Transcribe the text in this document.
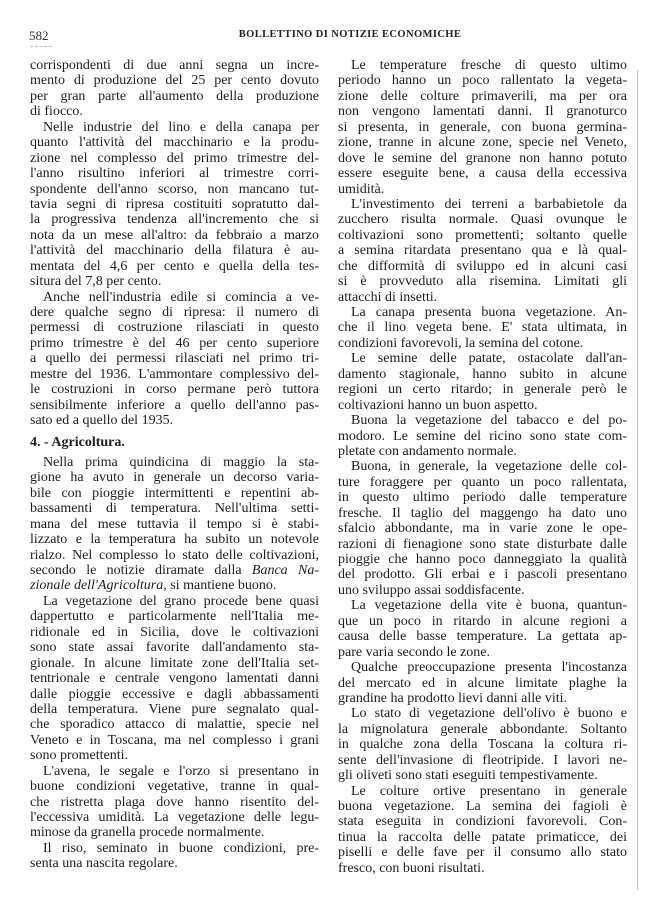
582	BOLLETTINO DI NOTIZIE ECONOMICHE
corrispondenti di due anni segna un incre-
mento di produzione del 25 per cento dovuto
per gran parte all'aumento della produzione
di fiocco.
Nelle industrie del lino e della canapa per
quanto l'attività del macchinario e la produ-
zione nel complesso del primo trimestre del-
l'anno risultino inferiori al trimestre corri-
spondente dell'anno scorso, non mancano tut-
tavia segni di ripresa costituiti sopratutto dal-
la progressiva tendenza all'incremento che si
nota da un mese all'altro: da febbraio a marzo
l'attività del macchinario della filatura è au-
mentata del 4,6 per cento e quella della tes-
situra del 7,8 per cento.
Anche nell'industria edile si comincia a ve-
dere qualche segno di ripresa: il numero di
permessi di costruzione rilasciati in questo
primo trimestre è del 46 per cento superiore
a quello dei permessi rilasciati nel primo tri-
mestre del 1936. L'ammontare complessivo del-
le costruzioni in corso permane però tuttora
sensibilmente inferiore a quello dell'anno pas-
sato ed a quello del 1935.
4. - Agricoltura.
Nella prima quindicina di maggio la sta-
gione ha avuto in generale un decorso varia-
bile con pioggie intermittenti e repentini ab-
bassamenti di temperatura. Nell'ultima setti-
mana del mese tuttavia il tempo si è stabi-
lizzato e la temperatura ha subito un notevole
rialzo. Nel complesso lo stato delle coltivazioni,
secondo le notizie diramate dalla Banca Na-
zionale dell'Agricoltura, si mantiene buono.
La vegetazione del grano procede bene quasi
dappertutto e particolarmente nell'Italia me-
ridionale ed in Sicilia, dove le coltivazioni
sono state assai favorite dall'andamento sta-
gionale. In alcune limitate zone dell'Italia set-
tentrionale e centrale vengono lamentati danni
dalle pioggie eccessive e dagli abbassamenti
della temperatura. Viene pure segnalato qual-
che sporadico attacco di malattie, specie nel
Veneto e in Toscana, ma nel complesso i grani
sono promettenti.
L'avena, le segale e l'orzo si presentano in
buone condizioni vegetative, tranne in qual-
che ristretta plaga dove hanno risentito del-
l'eccessiva umidità. La vegetazione delle legu-
minose da granella procede normalmente.
Il riso, seminato in buone condizioni, pre-
senta una nascita regolare.
Le temperature fresche di questo ultimo
periodo hanno un poco rallentato la vegeta-
zione delle colture primaverili, ma per ora
non vengono lamentati danni. Il granoturco
si presenta, in generale, con buona germina-
zione, tranne in alcune zone, specie nel Veneto,
dove le semine del granone non hanno potuto
essere eseguite bene, a causa della eccessiva
umidità.
L'investimento dei terreni a barbabietole da
zucchero risulta normale. Quasi ovunque le
coltivazioni sono promettenti; soltanto quelle
a semina ritardata presentano qua e là qual-
che difformità di sviluppo ed in alcuni casi
si è provveduto alla risemina. Limitati gli
attacchi di insetti.
La canapa presenta buona vegetazione. An-
che il lino vegeta bene. E' stata ultimata, in
condizioni favorevoli, la semina del cotone.
Le semine delle patate, ostacolate dall'an-
damento stagionale, hanno subito in alcune
regioni un certo ritardo; in generale però le
coltivazioni hanno un buon aspetto.
Buona la vegetazione del tabacco e del po-
modoro. Le semine del ricino sono state com-
pletate con andamento normale.
Buona, in generale, la vegetazione delle col-
ture foraggere per quanto un poco rallentata,
in questo ultimo periodo dalle temperature
fresche. Il taglio del maggengo ha dato uno
sfalcio abbondante, ma in varie zone le ope-
razioni di fienagione sono state disturbate dalle
pioggie che hanno poco danneggiato la qualità
del prodotto. Gli erbai e i pascoli presentano
uno sviluppo assai soddisfacente.
La vegetazione della vite è buona, quantun-
que un poco in ritardo in alcune regioni a
causa delle basse temperature. La gettata ap-
pare varia secondo le zone.
Qualche preoccupazione presenta l'incostanza
del mercato ed in alcune limitate plaghe la
grandine ha prodotto lievi danni alle viti.
Lo stato di vegetazione dell'olivo è buono e
la mignolatura generale abbondante. Soltanto
in qualche zona della Toscana la coltura ri-
sente dell'invasione di fleotripide. I lavori ne-
gli oliveti sono stati eseguiti tempestivamente.
Le colture ortive presentano in generale
buona vegetazione. La semina dei fagioli è
stata eseguita in condizioni favorevoli. Con-
tinua la raccolta delle patate primaticce, dei
piselli e delle fave per il consumo allo stato
fresco, con buoni risultati.
